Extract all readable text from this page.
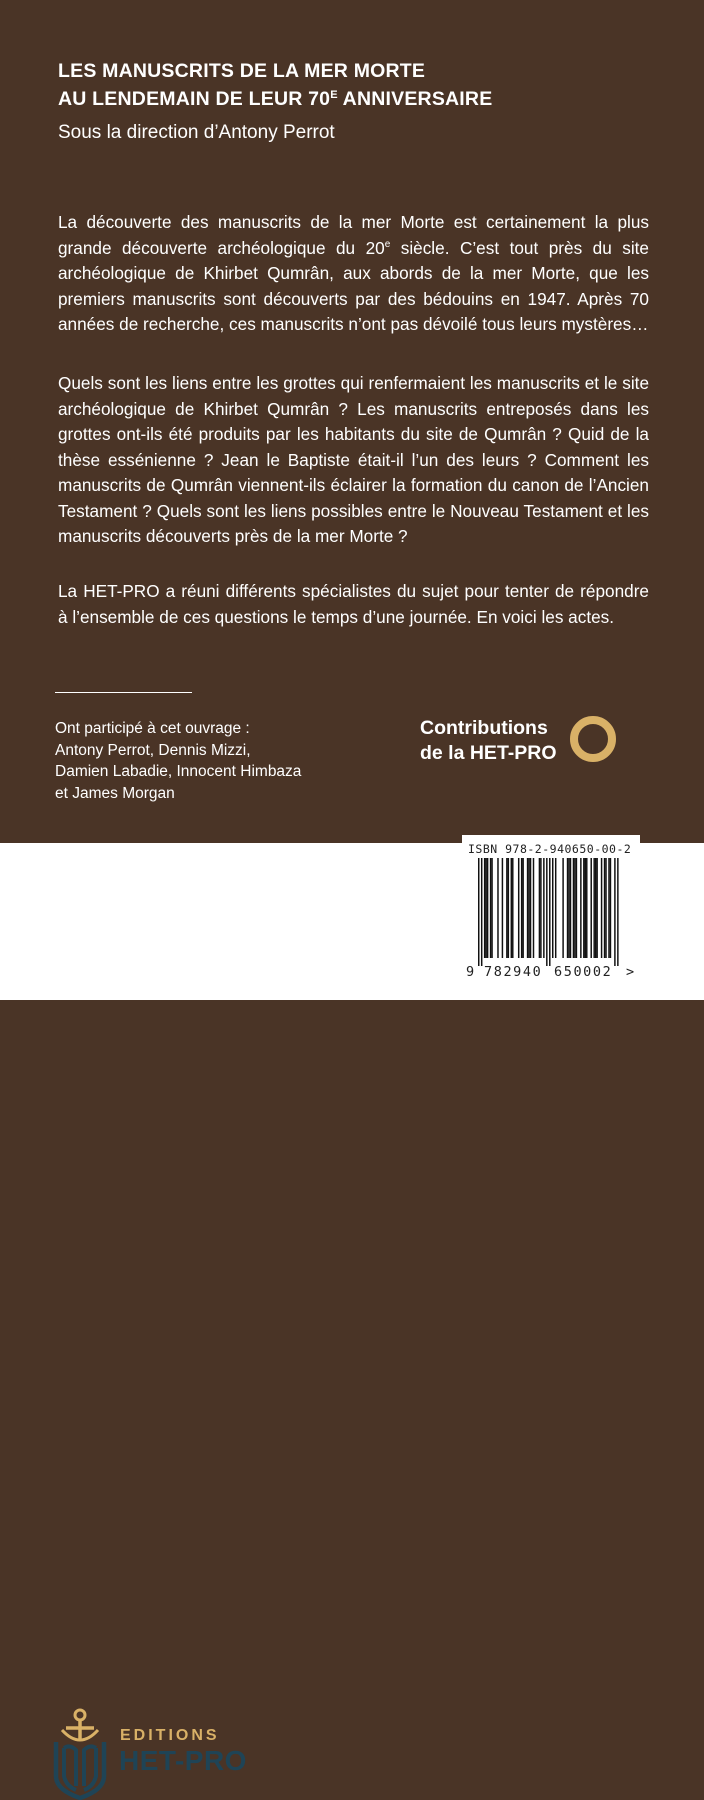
LES MANUSCRITS DE LA MER MORTE
AU LENDEMAIN DE LEUR $70^E$ ANNIVERSAIRE
Sous la direction d’Antony Perrot

La découverte des manuscrits de la mer Morte est certainement la plus grande découverte archéologique du 20e siècle. C’est tout près du site archéologique de Khirbet Qumrân, aux abords de la mer Morte, que les premiers manuscrits sont découverts par des bédouins en 1947. Après 70 années de recherche, ces manuscrits n’ont pas dévoilé tous leurs mystères…

Quels sont les liens entre les grottes qui renfermaient les manuscrits et le site archéologique de Khirbet Qumrân ? Les manuscrits entreposés dans les grottes ont-ils été produits par les habitants du site de Qumrân ? Quid de la thèse essénienne ? Jean le Baptiste était-il l’un des leurs ? Comment les manuscrits de Qumrân viennent-ils éclairer la formation du canon de l’Ancien Testament ? Quels sont les liens possibles entre le Nouveau Testament et les manuscrits découverts près de la mer Morte ?

La HET-PRO a réuni différents spécialistes du sujet pour tenter de répondre à l’ensemble de ces questions le temps d’une journée. En voici les actes.

Ont participé à cet ouvrage :

Antony Perrot, Dennis Mizzi,
Damien Labadie, Innocent Himbaza
et James Morgan

Contributions
de la HET-PRO
EDITIONS
HET-PRO
ISBN 978-2-940650-00-2
9 782940 650002 >
